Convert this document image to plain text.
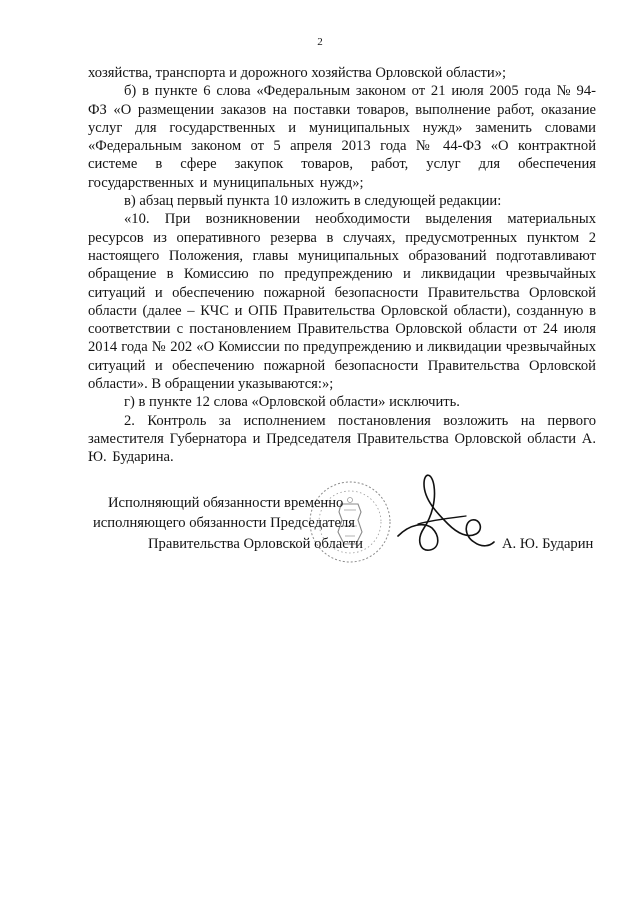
2

хозяйства, транспорта и дорожного хозяйства Орловской области»;

б) в пункте 6 слова «Федеральным законом от 21 июля 2005 года № 94-ФЗ «О размещении заказов на поставки товаров, выполнение работ, оказание услуг для государственных и муниципальных нужд» заменить словами «Федеральным законом от 5 апреля 2013 года № 44-ФЗ «О контрактной системе в сфере закупок товаров, работ, услуг для обеспечения государственных и муниципальных нужд»;

в) абзац первый пункта 10 изложить в следующей редакции:

«10. При возникновении необходимости выделения материальных ресурсов из оперативного резерва в случаях, предусмотренных пунктом 2 настоящего Положения, главы муниципальных образований подготавливают обращение в Комиссию по предупреждению и ликвидации чрезвычайных ситуаций и обеспечению пожарной безопасности Правительства Орловской области (далее – КЧС и ОПБ Правительства Орловской области), созданную в соответствии с постановлением Правительства Орловской области от 24 июля 2014 года № 202 «О Комиссии по предупреждению и ликвидации чрезвычайных ситуаций и обеспечению пожарной безопасности Правительства Орловской области». В обращении указываются:»;

г) в пункте 12 слова «Орловской области» исключить.

2. Контроль за исполнением постановления возложить на первого заместителя Губернатора и Председателя Правительства Орловской области А. Ю. Бударина.

Исполняющий обязанности временно
исполняющего обязанности Председателя
Правительства Орловской области	А. Ю. Бударин
